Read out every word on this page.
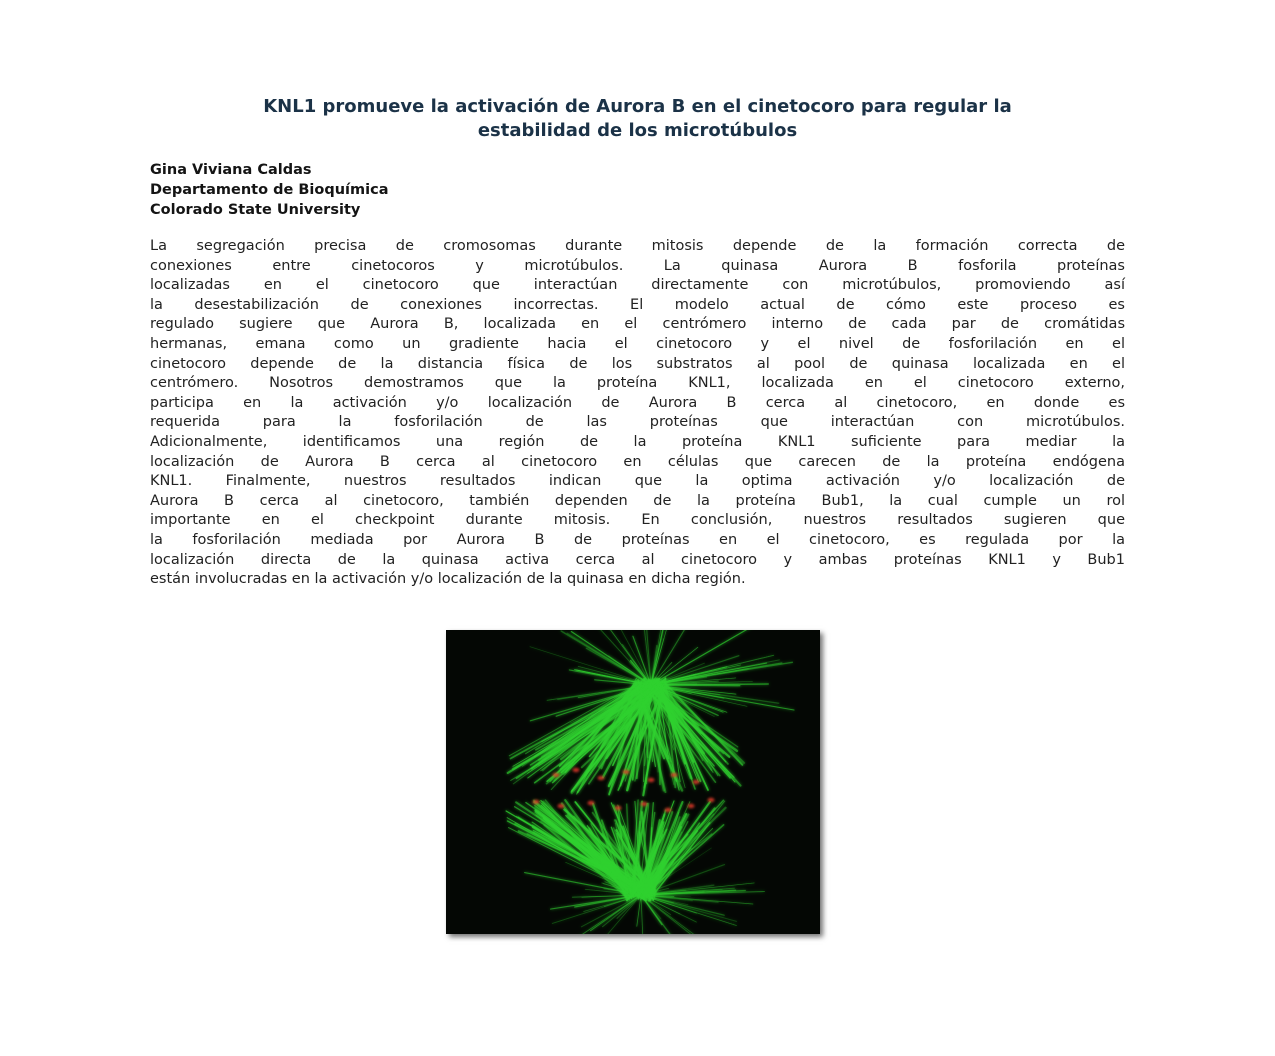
KNL1 promueve la activación de Aurora B en el cinetocoro para regular la
estabilidad de los microtúbulos
Gina Viviana Caldas
Departamento de Bioquímica
Colorado State University
La segregación precisa de cromosomas durante mitosis depende de la formación correcta de
conexiones entre cinetocoros y microtúbulos. La quinasa Aurora B fosforila proteínas
localizadas en el cinetocoro que interactúan directamente con microtúbulos, promoviendo así
la desestabilización de conexiones incorrectas. El modelo actual de cómo este proceso es
regulado sugiere que Aurora B, localizada en el centrómero interno de cada par de cromátidas
hermanas, emana como un gradiente hacia el cinetocoro y el nivel de fosforilación en el
cinetocoro depende de la distancia física de los substratos al pool de quinasa localizada en el
centrómero. Nosotros demostramos que la proteína KNL1, localizada en el cinetocoro externo,
participa en la activación y/o localización de Aurora B cerca al cinetocoro, en donde es
requerida para la fosforilación de las proteínas que interactúan con microtúbulos.
Adicionalmente, identificamos una región de la proteína KNL1 suficiente para mediar la
localización de Aurora B cerca al cinetocoro en células que carecen de la proteína endógena
KNL1. Finalmente, nuestros resultados indican que la optima activación y/o localización de
Aurora B cerca al cinetocoro, también dependen de la proteína Bub1, la cual cumple un rol
importante en el checkpoint durante mitosis. En conclusión, nuestros resultados sugieren que
la fosforilación mediada por Aurora B de proteínas en el cinetocoro, es regulada por la
localización directa de la quinasa activa cerca al cinetocoro y ambas proteínas KNL1 y Bub1
están involucradas en la activación y/o localización de la quinasa en dicha región.
